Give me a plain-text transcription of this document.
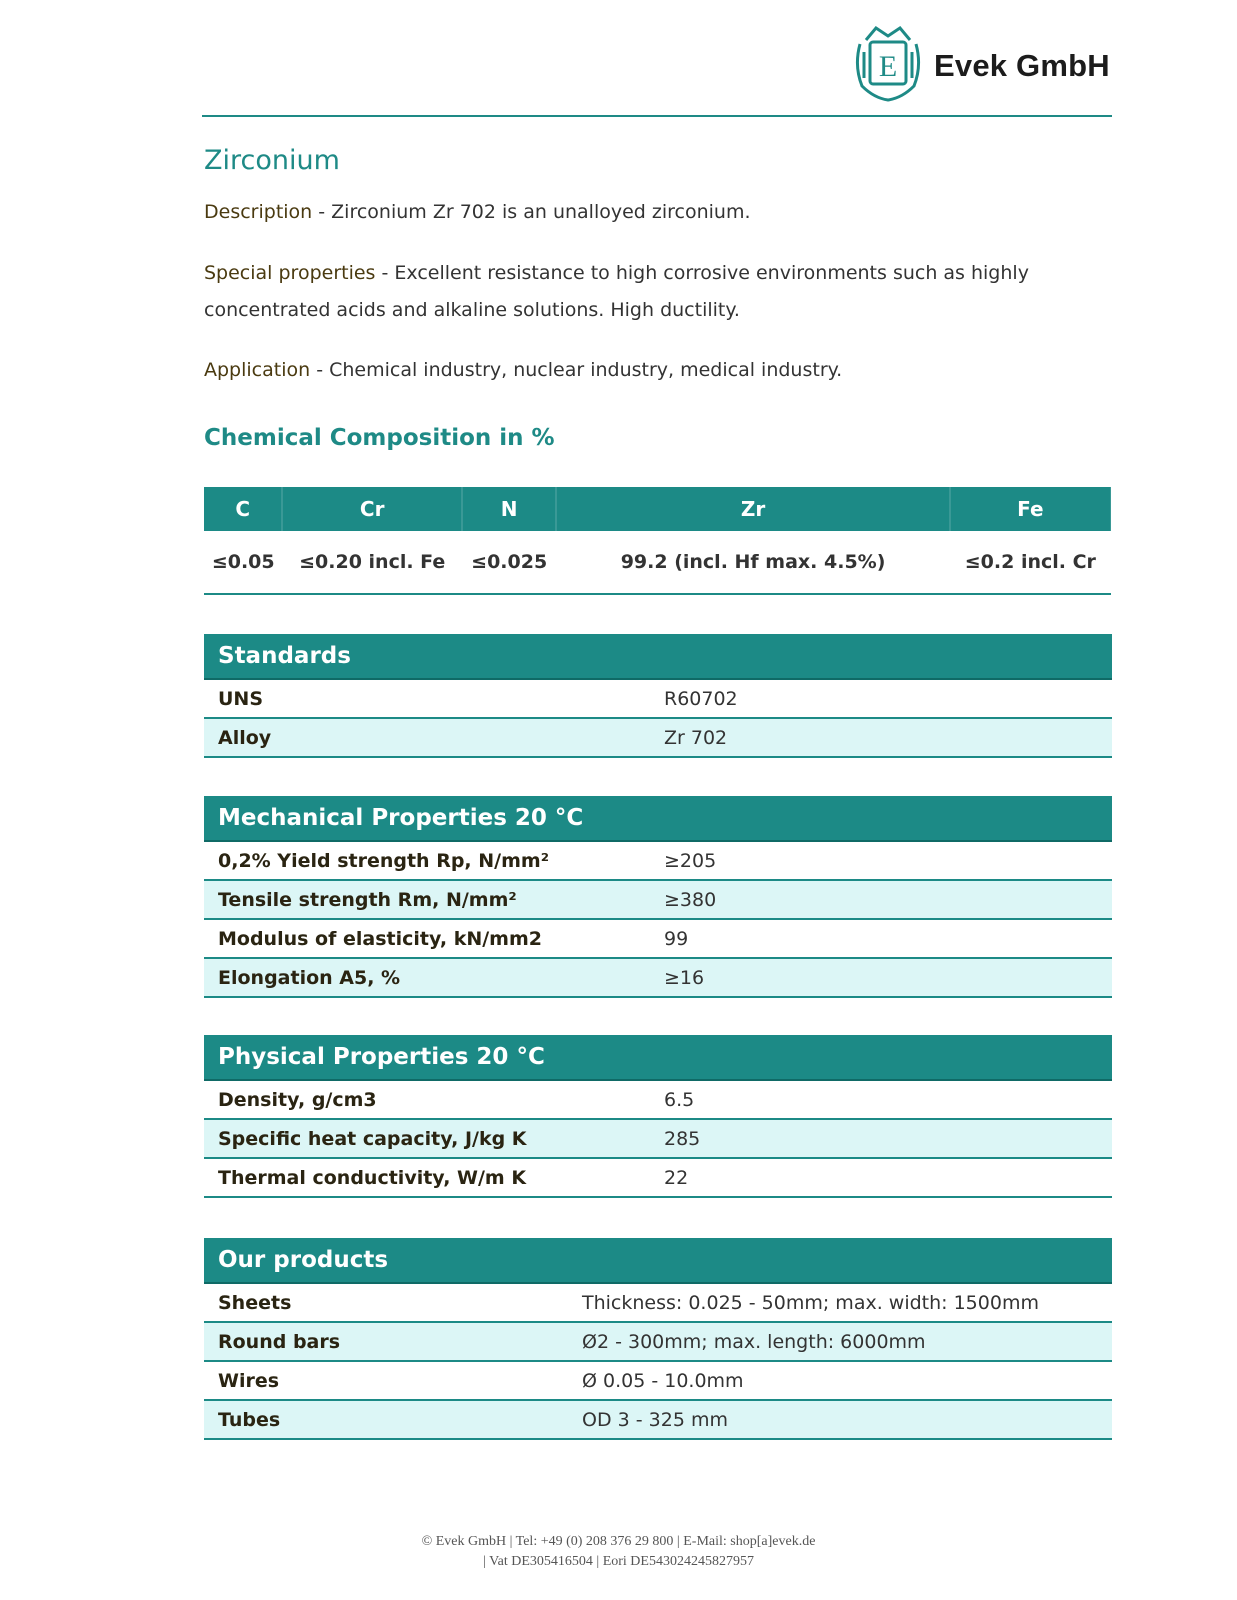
E Evek GmbH
Zirconium
Description - Zirconium Zr 702 is an unalloyed zirconium.
Special properties - Excellent resistance to high corrosive environments such as highly concentrated acids and alkaline solutions. High ductility.
Application - Chemical industry, nuclear industry, medical industry.
Chemical Composition in %
C	Cr	N	Zr	Fe
≤0.05	≤0.20 incl. Fe	≤0.025	99.2 (incl. Hf max. 4.5%)	≤0.2 incl. Cr
Standards	
UNS	R60702
Alloy	Zr 702
Mechanical Properties 20 °C	
0,2% Yield strength Rp, N/mm²	≥205
Tensile strength Rm, N/mm²	≥380
Modulus of elasticity, kN/mm2	99
Elongation A5, %	≥16
Physical Properties 20 °C	
Density, g/cm3	6.5
Specific heat capacity, J/kg K	285
Thermal conductivity, W/m K	22
Our products	
Sheets	Thickness: 0.025 - 50mm; max. width: 1500mm
Round bars	Ø2 - 300mm; max. length: 6000mm
Wires	Ø 0.05 - 10.0mm
Tubes	OD 3 - 325 mm
© Evek GmbH | Tel: +49 (0) 208 376 29 800 | E-Mail: shop[a]evek.de
| Vat DE305416504 | Eori DE543024245827957
